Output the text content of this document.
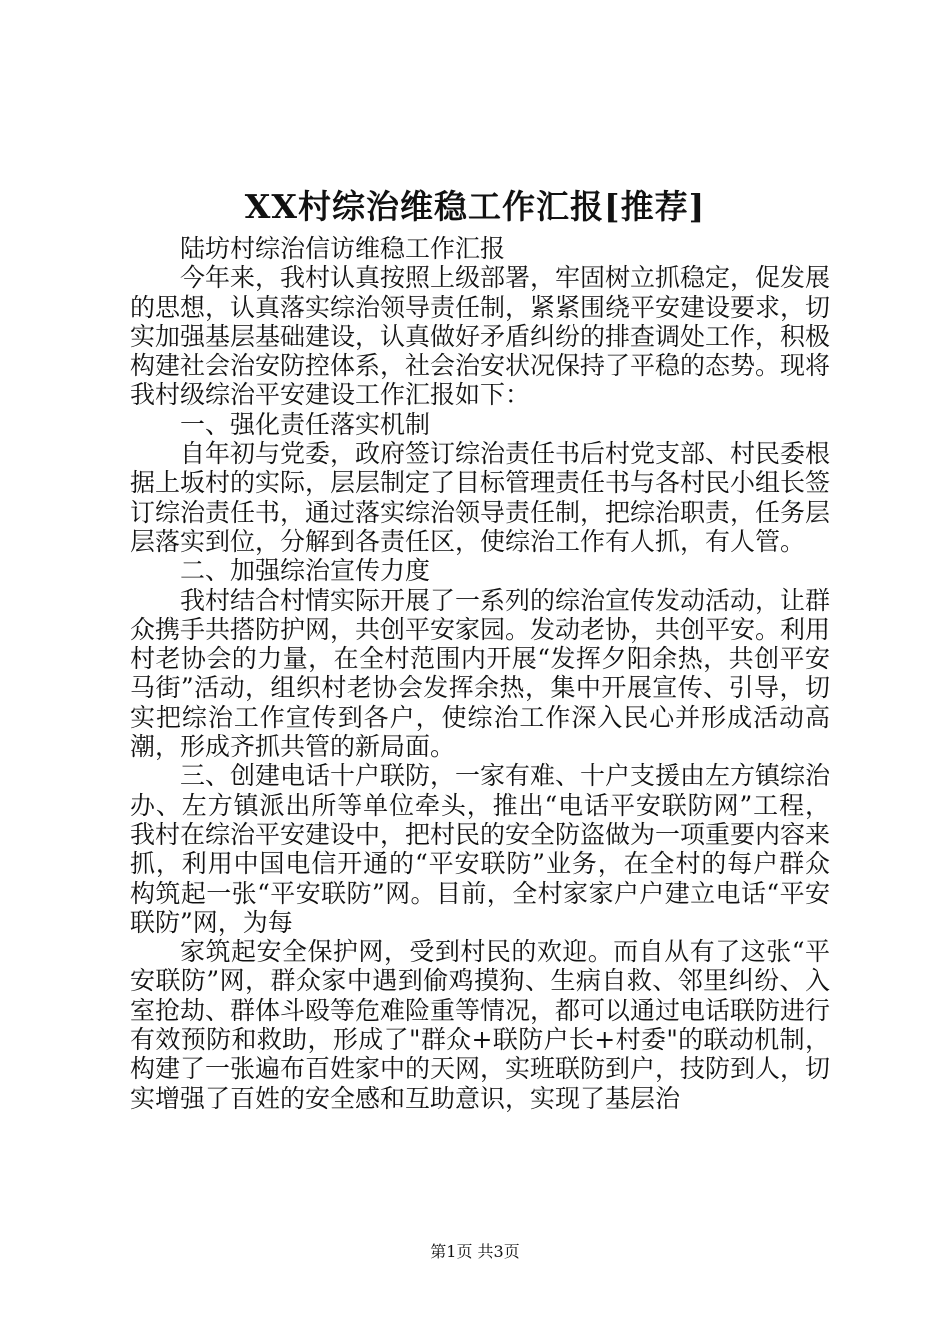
XX村综治维稳工作汇报[推荐]

陆坊村综治信访维稳工作汇报

今年来，我村认真按照上级部署，牢固树立抓稳定，促发展的思想，认真落实综治领导责任制，紧紧围绕平安建设要求，切实加强基层基础建设，认真做好矛盾纠纷的排查调处工作，积极构建社会治安防控体系，社会治安状况保持了平稳的态势。现将我村级综治平安建设工作汇报如下：

一、强化责任落实机制

自年初与党委，政府签订综治责任书后村党支部、村民委根据上坂村的实际，层层制定了目标管理责任书与各村民小组长签订综治责任书，通过落实综治领导责任制，把综治职责，任务层层落实到位，分解到各责任区，使综治工作有人抓，有人管。

二、加强综治宣传力度

我村结合村情实际开展了一系列的综治宣传发动活动，让群众携手共搭防护网，共创平安家园。发动老协，共创平安。利用村老协会的力量，在全村范围内开展“发挥夕阳余热，共创平安马街”活动，组织村老协会发挥余热，集中开展宣传、引导，切实把综治工作宣传到各户，使综治工作深入民心并形成活动高潮，形成齐抓共管的新局面。

三、创建电话十户联防，一家有难、十户支援由左方镇综治办、左方镇派出所等单位牵头，推出“电话平安联防网”工程，我村在综治平安建设中，把村民的安全防盗做为一项重要内容来抓，利用中国电信开通的“平安联防”业务，在全村的每户群众构筑起一张“平安联防”网。目前，全村家家户户建立电话“平安联防”网，为每

家筑起安全保护网，受到村民的欢迎。而自从有了这张“平安联防”网，群众家中遇到偷鸡摸狗、生病自救、邻里纠纷、入室抢劫、群体斗殴等危难险重等情况，都可以通过电话联防进行有效预防和救助，形成了"群众+联防户长+村委"的联动机制，构建了一张遍布百姓家中的天网，实班联防到户，技防到人，切实增强了百姓的安全感和互助意识，实现了基层治

第1页 共3页
